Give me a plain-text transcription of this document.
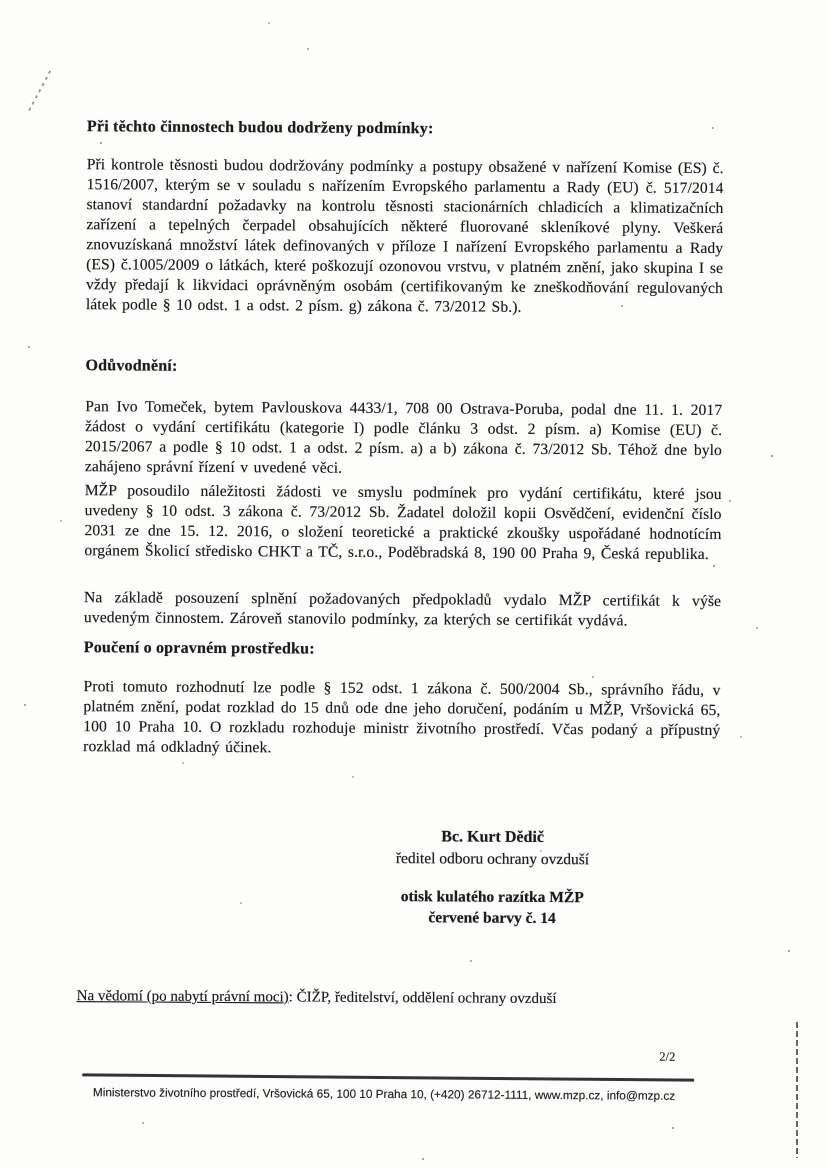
Při těchto činnostech budou dodrženy podmínky:

Při kontrole těsnosti budou dodržovány podmínky a postupy obsažené v nařízení Komise (ES) č. 1516/2007, kterým se v souladu s nařízením Evropského parlamentu a Rady (EU) č. 517/2014 stanoví standardní požadavky na kontrolu těsnosti stacionárních chladicích a klimatizačních zařízení a tepelných čerpadel obsahujících některé fluorované skleníkové plyny. Veškerá znovuzískaná množství látek definovaných v příloze I nařízení Evropského parlamentu a Rady (ES) č.1005/2009 o látkách, které poškozují ozonovou vrstvu, v platném znění, jako skupina I se vždy předají k likvidaci oprávněným osobám (certifikovaným ke zneškodňování regulovaných látek podle § 10 odst. 1 a odst. 2 písm. g) zákona č. 73/2012 Sb.).

Odůvodnění:

Pan Ivo Tomeček, bytem Pavlouskova 4433/1, 708 00 Ostrava-Poruba, podal dne 11. 1. 2017 žádost o vydání certifikátu (kategorie I) podle článku 3 odst. 2 písm. a) Komise (EU) č. 2015/2067 a podle § 10 odst. 1 a odst. 2 písm. a) a b) zákona č. 73/2012 Sb. Téhož dne bylo zahájeno správní řízení v uvedené věci.

MŽP posoudilo náležitosti žádosti ve smyslu podmínek pro vydání certifikátu, které jsou uvedeny § 10 odst. 3 zákona č. 73/2012 Sb. Žadatel doložil kopii Osvědčení, evidenční číslo 2031 ze dne 15. 12. 2016, o složení teoretické a praktické zkoušky uspořádané hodnotícím orgánem Školicí středisko CHKT a TČ, s.r.o., Poděbradská 8, 190 00 Praha 9, Česká republika.

Na základě posouzení splnění požadovaných předpokladů vydalo MŽP certifikát k výše uvedeným činnostem. Zároveň stanovilo podmínky, za kterých se certifikát vydává.

Poučení o opravném prostředku:

Proti tomuto rozhodnutí lze podle § 152 odst. 1 zákona č. 500/2004 Sb., správního řádu, v platném znění, podat rozklad do 15 dnů ode dne jeho doručení, podáním u MŽP, Vršovická 65, 100 10 Praha 10. O rozkladu rozhoduje ministr životního prostředí. Včas podaný a přípustný rozklad má odkladný účinek.

Bc. Kurt Dědič
ředitel odboru ochrany ovzduší
otisk kulatého razítka MŽP
červené barvy č. 14

Na vědomí (po nabytí právní moci): ČIŽP, ředitelství, oddělení ochrany ovzduší

2/2
Ministerstvo životního prostředí, Vršovická 65, 100 10 Praha 10, (+420) 26712-1111, www.mzp.cz, info@mzp.cz
